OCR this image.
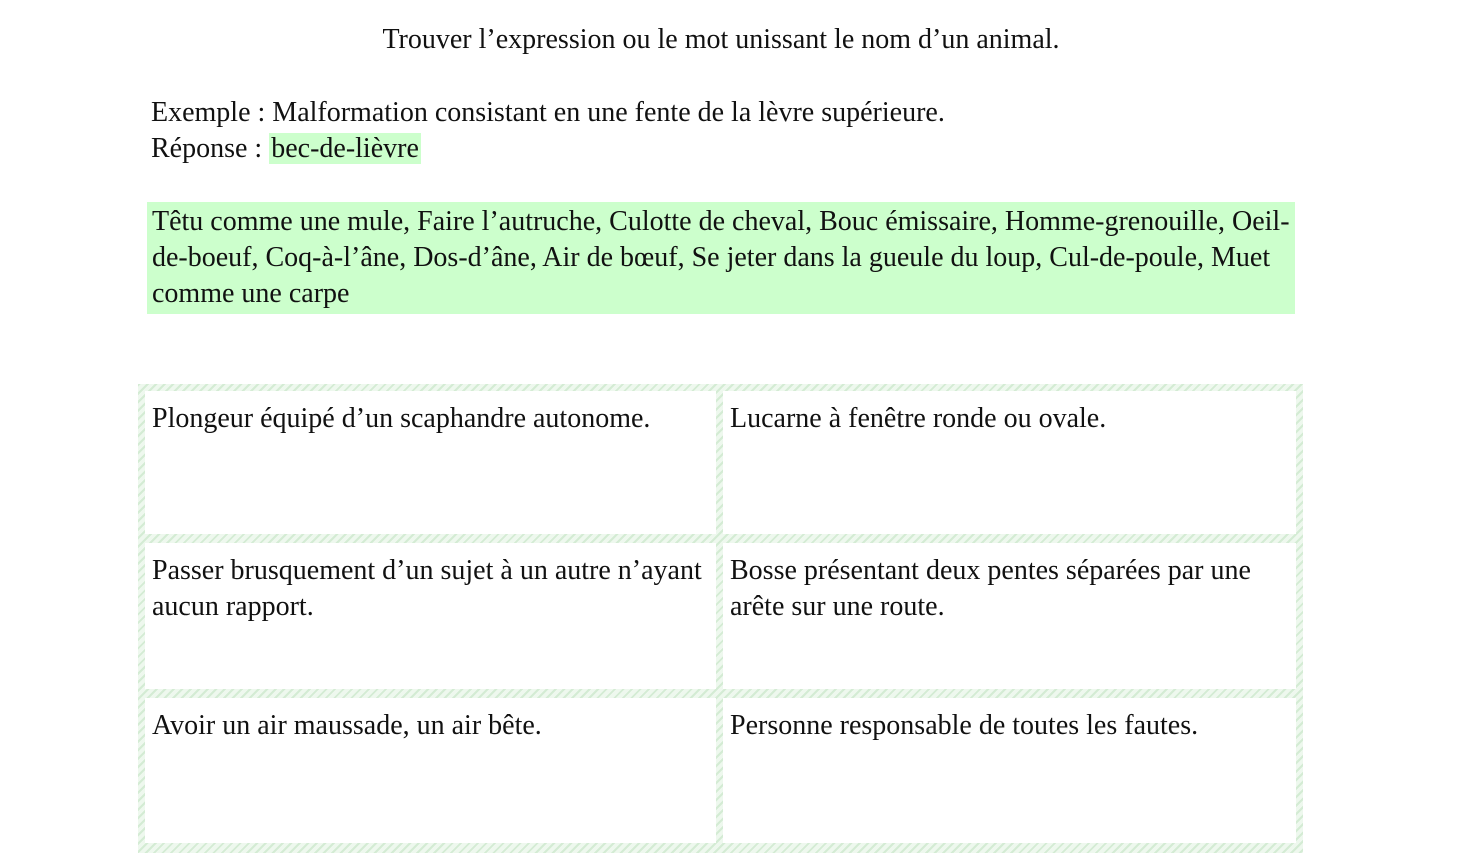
Trouver l’expression ou le mot unissant le nom d’un animal.
Exemple : Malformation consistant en une fente de la lèvre supérieure.
Réponse : bec-de-lièvre
Têtu comme une mule, Faire l’autruche, Culotte de cheval, Bouc émissaire, Homme-grenouille, Oeil-de-boeuf, Coq-à-l’âne, Dos-d’âne, Air de bœuf, Se jeter dans la gueule du loup, Cul-de-poule, Muet comme une carpe
Plongeur équipé d’un scaphandre autonome.	Lucarne à fenêtre ronde ou ovale.
Passer brusquement d’un sujet à un autre n’ayant aucun rapport.
Bosse présentant deux pentes séparées par une arête sur une route.
Avoir un air maussade, un air bête.	Personne responsable de toutes les fautes.
